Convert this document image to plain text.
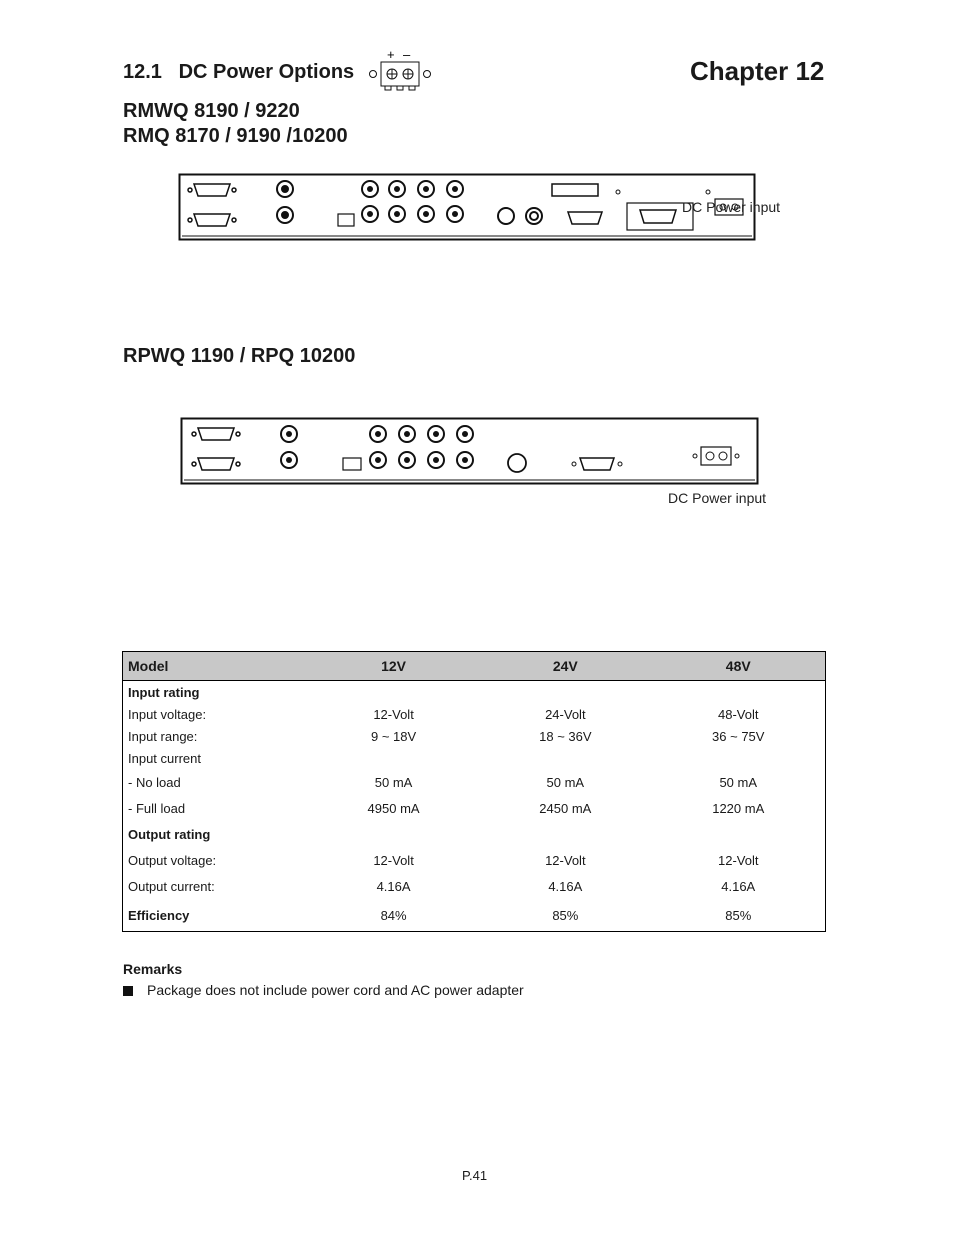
12.1   DC Power Options
+ –
Chapter 12
RMWQ 8190 / 9220
RMQ 8170 / 9190 /10200
DC Power input
RPWQ 1190 / RPQ 10200
DC Power input
Model	12V	24V	48V
Input rating			
Input voltage:	12-Volt	24-Volt	48-Volt
Input range:	9 ~ 18V	18 ~ 36V	36 ~ 75V
Input current			
- No load	50 mA	50 mA	50 mA
- Full load	4950 mA	2450 mA	1220 mA
Output rating			
Output voltage:	12-Volt	12-Volt	12-Volt
Output current:	4.16A	4.16A	4.16A
Efficiency	84%	85%	85%
Remarks
Package does not include power cord and AC power adapter
P.41
